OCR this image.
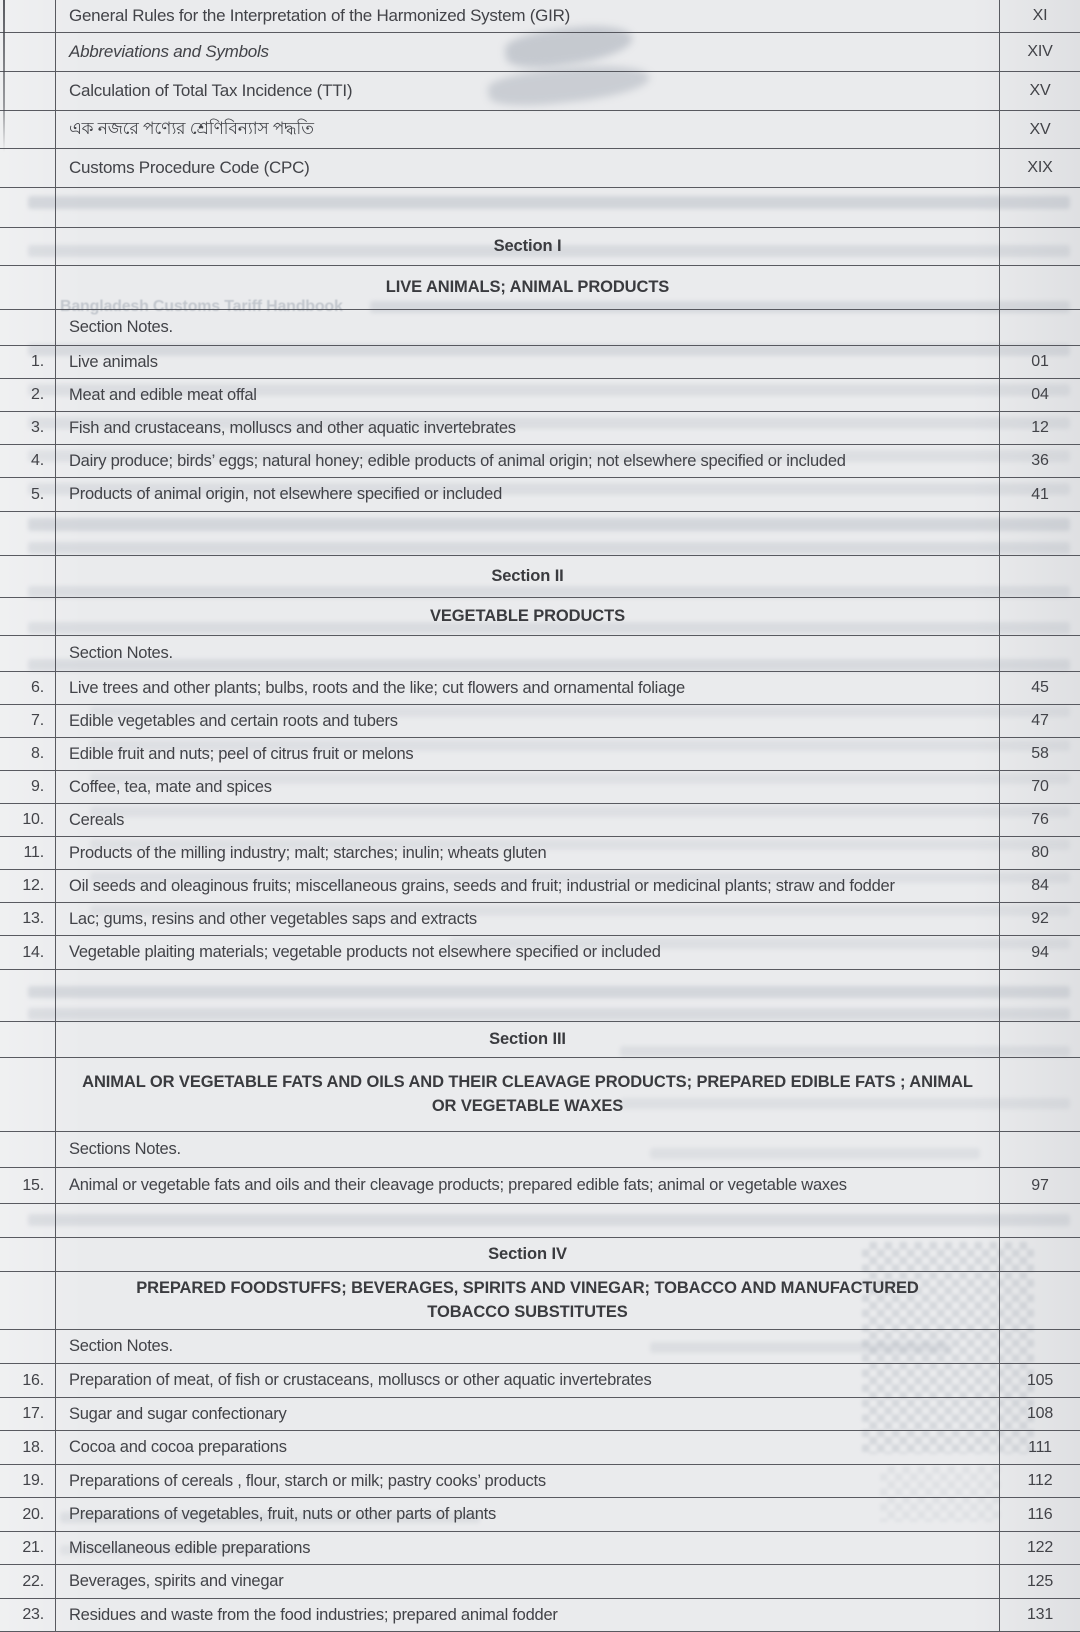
Bangladesh Customs Tariff Handbook
General Rules for the Interpretation of the Harmonized System (GIR)	XI
Abbreviations and Symbols	XIV
Calculation of Total Tax Incidence (TTI)	XV
এক নজরে পণ্যের শ্রেণিবিন্যাস পদ্ধতি	XV
Customs Procedure Code (CPC)	XIX
Section I
LIVE ANIMALS; ANIMAL PRODUCTS
Section Notes.
1.	Live animals	01
2.	Meat and edible meat offal	04
3.	Fish and crustaceans, molluscs and other aquatic invertebrates	12
4.	Dairy produce; birds’ eggs; natural honey; edible products of animal origin; not elsewhere specified or included	36
5.	Products of animal origin, not elsewhere specified or included	41
Section II
VEGETABLE PRODUCTS
Section Notes.
6.	Live trees and other plants; bulbs, roots and the like; cut flowers and ornamental foliage	45
7.	Edible vegetables and certain roots and tubers	47
8.	Edible fruit and nuts; peel of citrus fruit or melons	58
9.	Coffee, tea, mate and spices	70
10.	Cereals	76
11.	Products of the milling industry; malt; starches; inulin; wheats gluten	80
12.	Oil seeds and oleaginous fruits; miscellaneous grains, seeds and fruit; industrial or medicinal plants; straw and fodder	84
13.	Lac; gums, resins and other vegetables saps and extracts	92
14.	Vegetable plaiting materials; vegetable products not elsewhere specified or included	94
Section III
ANIMAL OR VEGETABLE FATS AND OILS AND THEIR CLEAVAGE PRODUCTS; PREPARED EDIBLE FATS ; ANIMAL OR VEGETABLE WAXES
Sections Notes.
15.	Animal or vegetable fats and oils and their cleavage products; prepared edible fats; animal or vegetable waxes	97
Section IV
PREPARED FOODSTUFFS; BEVERAGES, SPIRITS AND VINEGAR; TOBACCO AND MANUFACTURED TOBACCO SUBSTITUTES
Section Notes.
16.	Preparation of meat, of fish or crustaceans, molluscs or other aquatic invertebrates	105
17.	Sugar and sugar confectionary	108
18.	Cocoa and cocoa preparations	111
19.	Preparations of cereals , flour, starch or milk; pastry cooks’ products	112
20.	Preparations of vegetables, fruit, nuts or other parts of plants	116
21.	Miscellaneous edible preparations	122
22.	Beverages, spirits and vinegar	125
23.	Residues and waste from the food industries; prepared animal fodder	131
